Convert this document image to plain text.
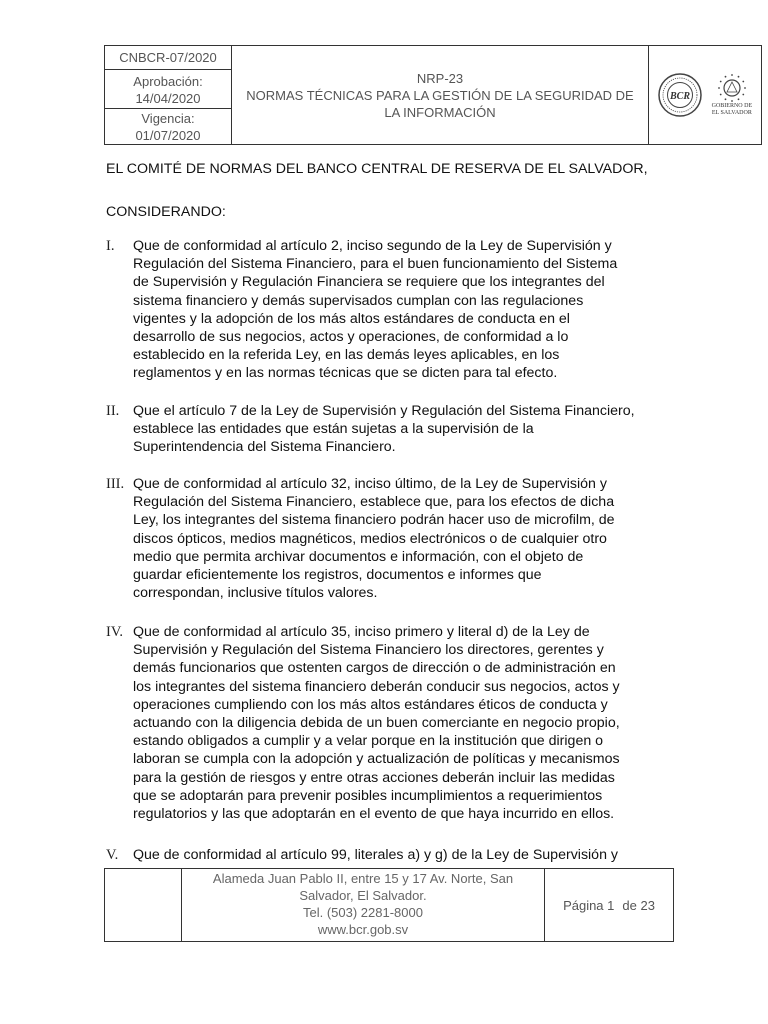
CNBCR-07/2020
Aprobación:
14/04/2020
Vigencia:
01/07/2020
NRP-23
NORMAS TÉCNICAS PARA LA GESTIÓN DE LA SEGURIDAD DE LA INFORMACIÓN
BCR
GOBIERNO DE
EL SALVADOR

EL COMITÉ DE NORMAS DEL BANCO CENTRAL DE RESERVA DE EL SALVADOR,

CONSIDERANDO:

I.	Que de conformidad al artículo 2, inciso segundo de la Ley de Supervisión y
Regulación del Sistema Financiero, para el buen funcionamiento del Sistema
de Supervisión y Regulación Financiera se requiere que los integrantes del
sistema financiero y demás supervisados cumplan con las regulaciones
vigentes y la adopción de los más altos estándares de conducta en el
desarrollo de sus negocios, actos y operaciones, de conformidad a lo
establecido en la referida Ley, en las demás leyes aplicables, en los
reglamentos y en las normas técnicas que se dicten para tal efecto.
II. Que el artículo 7 de la Ley de Supervisión y Regulación del Sistema Financiero,
establece las entidades que están sujetas a la supervisión de la
Superintendencia del Sistema Financiero.
III. Que de conformidad al artículo 32, inciso último, de la Ley de Supervisión y
Regulación del Sistema Financiero, establece que, para los efectos de dicha
Ley, los integrantes del sistema financiero podrán hacer uso de microfilm, de
discos ópticos, medios magnéticos, medios electrónicos o de cualquier otro
medio que permita archivar documentos e información, con el objeto de
guardar eficientemente los registros, documentos e informes que
correspondan, inclusive títulos valores.
IV. Que de conformidad al artículo 35, inciso primero y literal d) de la Ley de
Supervisión y Regulación del Sistema Financiero los directores, gerentes y
demás funcionarios que ostenten cargos de dirección o de administración en
los integrantes del sistema financiero deberán conducir sus negocios, actos y
operaciones cumpliendo con los más altos estándares éticos de conducta y
actuando con la diligencia debida de un buen comerciante en negocio propio,
estando obligados a cumplir y a velar porque en la institución que dirigen o
laboran se cumpla con la adopción y actualización de políticas y mecanismos
para la gestión de riesgos y entre otras acciones deberán incluir las medidas
que se adoptarán para prevenir posibles incumplimientos a requerimientos
regulatorios y las que adoptarán en el evento de que haya incurrido en ellos.
V.	Que de conformidad al artículo 99, literales a) y g) de la Ley de Supervisión y
Alameda Juan Pablo II, entre 15 y 17 Av. Norte, San
Salvador, El Salvador.
Tel. (503) 2281-8000
www.bcr.gob.sv
Página 1 de 23
